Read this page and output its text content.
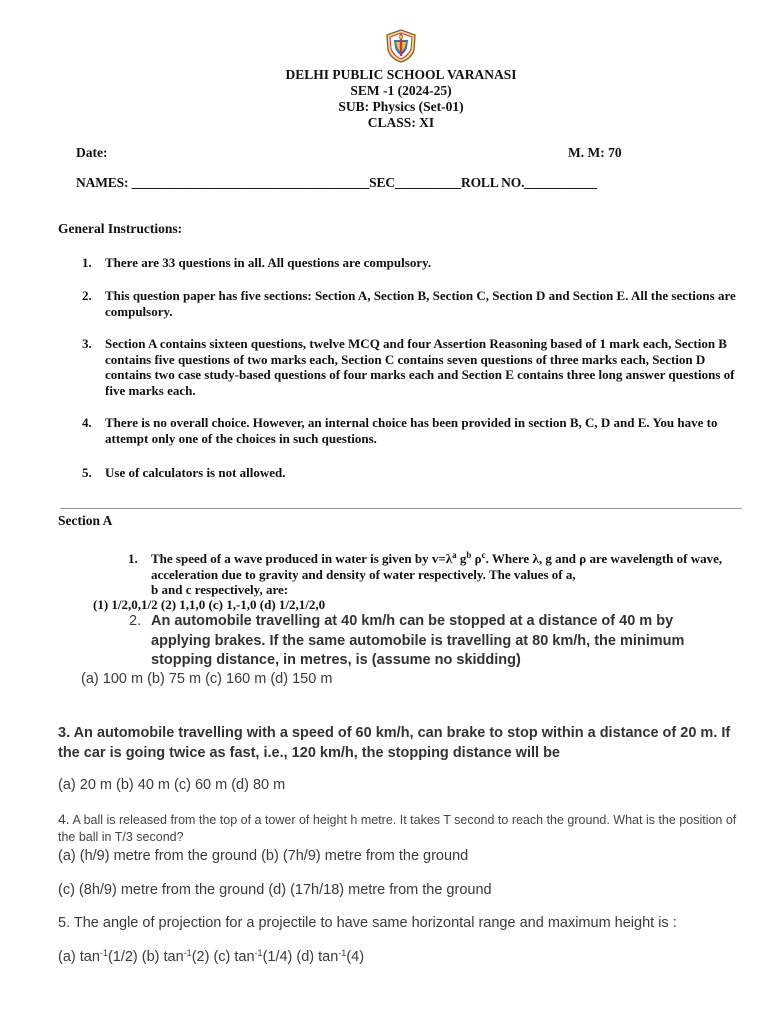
DELHI PUBLIC SCHOOL VARANASI
SEM -1 (2024-25)
SUB: Physics (Set-01)
CLASS: XI
Date:	M. M: 70
NAMES: ____________________________________SEC__________ROLL NO.___________
General Instructions:
1. There are 33 questions in all. All questions are compulsory.
2. This question paper has five sections: Section A, Section B, Section C, Section D and Section E. All the sections are compulsory.
3. Section A contains sixteen questions, twelve MCQ and four Assertion Reasoning based of 1 mark each, Section B contains five questions of two marks each, Section C contains seven questions of three marks each, Section D contains two case study-based questions of four marks each and Section E contains three long answer questions of five marks each.
4. There is no overall choice. However, an internal choice has been provided in section B, C, D and E. You have to attempt only one of the choices in such questions.
5. Use of calculators is not allowed.
Section A
1. The speed of a wave produced in water is given by $v=\lambda^a$ $g^b$ $\rho^c$. Where λ, g and ρ are wavelength of wave, acceleration due to gravity and density of water respectively. The values of a,
b and c respectively, are:
(1) 1/2,0,1/2 (2) 1,1,0 (c) 1,-1,0 (d) 1/2,1/2,0
2. An automobile travelling at 40 km/h can be stopped at a distance of 40 m by applying brakes. If the same automobile is travelling at 80 km/h, the minimum stopping distance, in metres, is (assume no skidding)
(a) 100 m (b) 75 m (c) 160 m (d) 150 m
3. An automobile travelling with a speed of 60 km/h, can brake to stop within a distance of 20 m. If the car is going twice as fast, i.e., 120 km/h, the stopping distance will be
(a) 20 m (b) 40 m (c) 60 m (d) 80 m
4. A ball is released from the top of a tower of height h metre. It takes T second to reach the ground. What is the position of the ball in T/3 second?
(a) (h/9) metre from the ground (b) (7h/9) metre from the ground
(c) (8h/9) metre from the ground (d) (17h/18) metre from the ground
5. The angle of projection for a projectile to have same horizontal range and maximum height is :
(a) $\tan^{-1}(1/2)$ (b) $\tan^{-1}(2)$ (c) $\tan^{-1}(1/4)$ (d) $\tan^{-1}(4)$
